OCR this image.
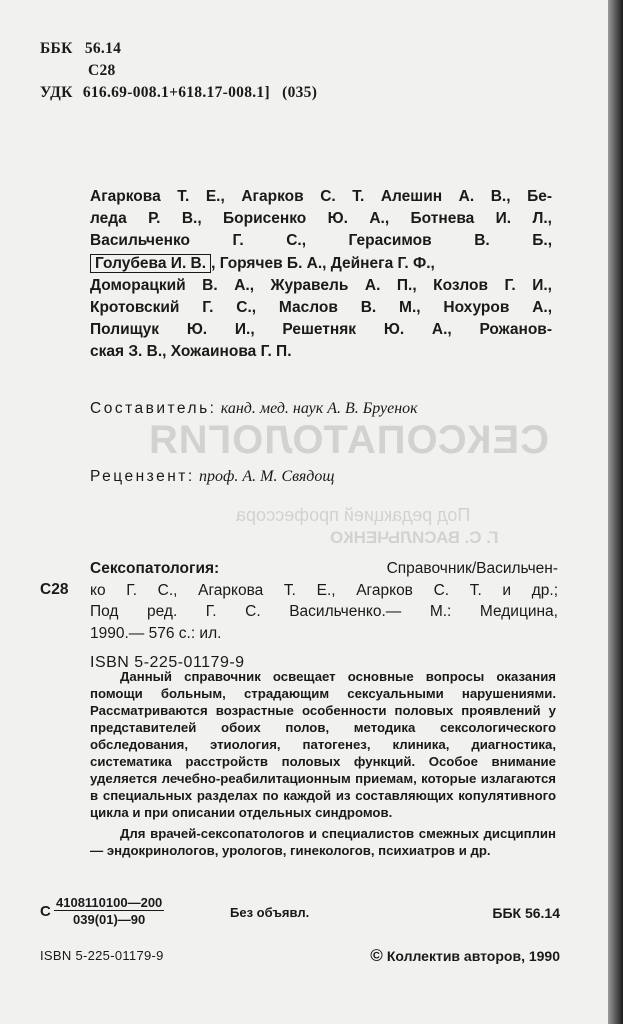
СЕКСОПАТОЛОГИЯ
Под редакцией профессора
Г. С. ВАСИЛЬЧЕНКО
ББК 56.14
С28
УДК 616.69-008.1+618.17-008.1] (035)
Агаркова Т. Е., Агарков С. Т. Алешин А. В., Бе-
леда Р. В., Борисенко Ю. А., Ботнева И. Л.,
Васильченко Г. С., Герасимов В. Б.,
Голубева И. В. , Горячев Б. А., Дейнега Г. Ф.,
Доморацкий В. А., Журавель А. П., Козлов Г. И.,
Кротовский Г. С., Маслов В. М., Нохуров А.,
Полищук Ю. И., Решетняк Ю. А., Рожанов-
ская З. В., Хожаинова Г. П.
Составитель: канд. мед. наук А. В. Бруенок
Рецензент: проф. А. М. Свядощ
С28
Сексопатология:	Справочник/Васильчен-
ко Г. С., Агаркова Т. Е., Агарков С. Т. и др.;
Под ред. Г. С. Васильченко.— М.: Медицина,
1990.— 576 с.: ил.
ISBN 5-225-01179-9

Данный справочник освещает основные вопросы оказания помощи больным, страдающим сексуальными нарушениями. Рассматриваются возрастные особенности половых проявлений у представителей обоих полов, методика сексологического обследования, этиология, патогенез, клиника, диагностика, систематика расстройств половых функций. Особое внимание уделяется лечебно-реабилитационным приемам, которые излагаются в специальных разделах по каждой из составляющих копулятивного цикла и при описании отдельных синдромов.

Для врачей-сексопатологов и специалистов смежных дисциплин — эндокринологов, урологов, гинекологов, психиатров и др.

С $\frac{4108110100—200}{039(01)—90}$	Без объявл.	ББК 56.14
ISBN 5-225-01179-9	© Коллектив авторов, 1990
